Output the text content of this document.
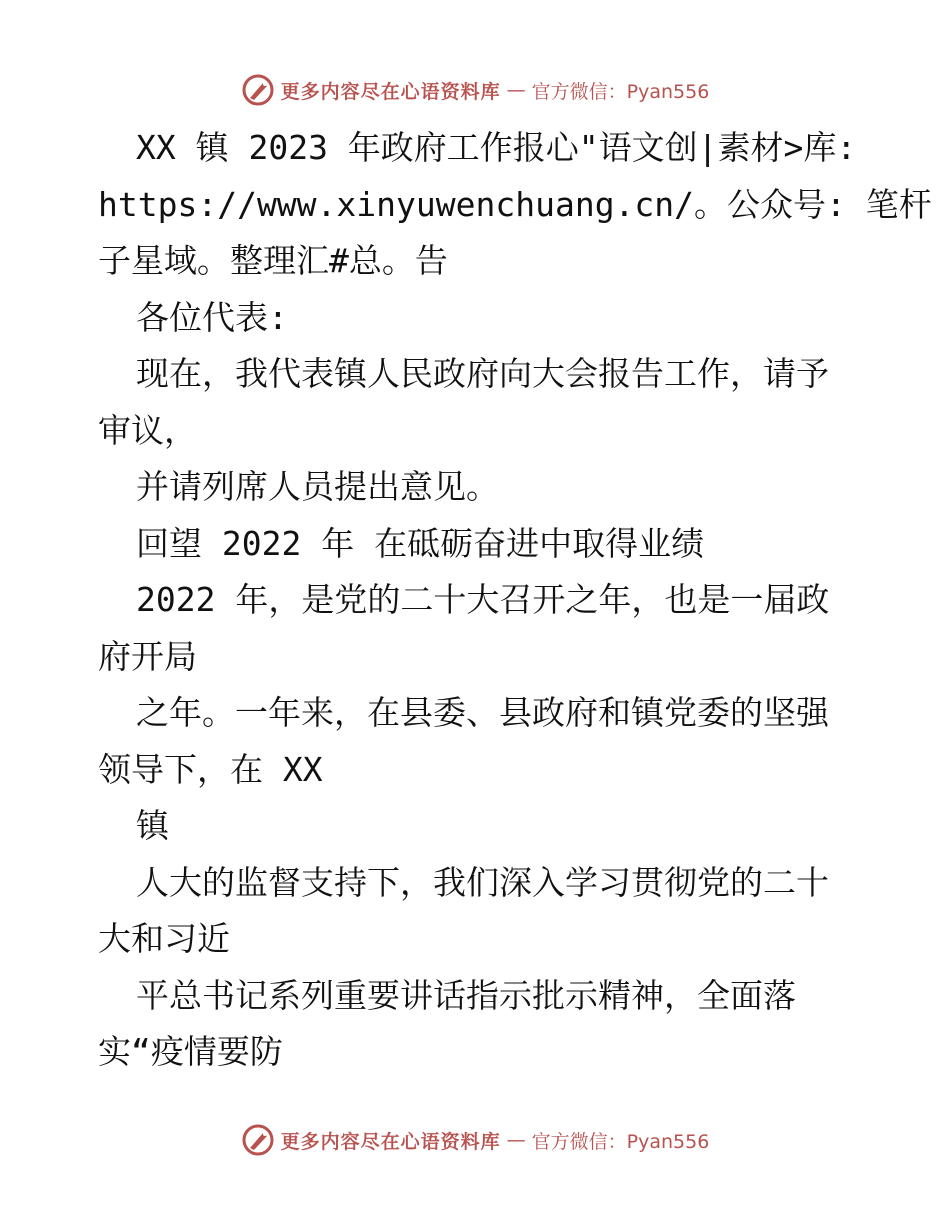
更多内容尽在心语资料库 — 官方微信：Pyan556
XX 镇 2023 年政府工作报心"语文创|素材>库:
https://www.xinyuwenchuang.cn/。公众号: 笔杆
子星域。整理汇#总。告
各位代表:
现在，我代表镇人民政府向大会报告工作，请予
审议，
并请列席人员提出意见。
回望 2022 年 在砥砺奋进中取得业绩
2022 年，是党的二十大召开之年，也是一届政
府开局
之年。一年来，在县委、县政府和镇党委的坚强
领导下，在 XX
镇
人大的监督支持下，我们深入学习贯彻党的二十
大和习近
平总书记系列重要讲话指示批示精神，全面落
实“疫情要防
更多内容尽在心语资料库 — 官方微信：Pyan556
